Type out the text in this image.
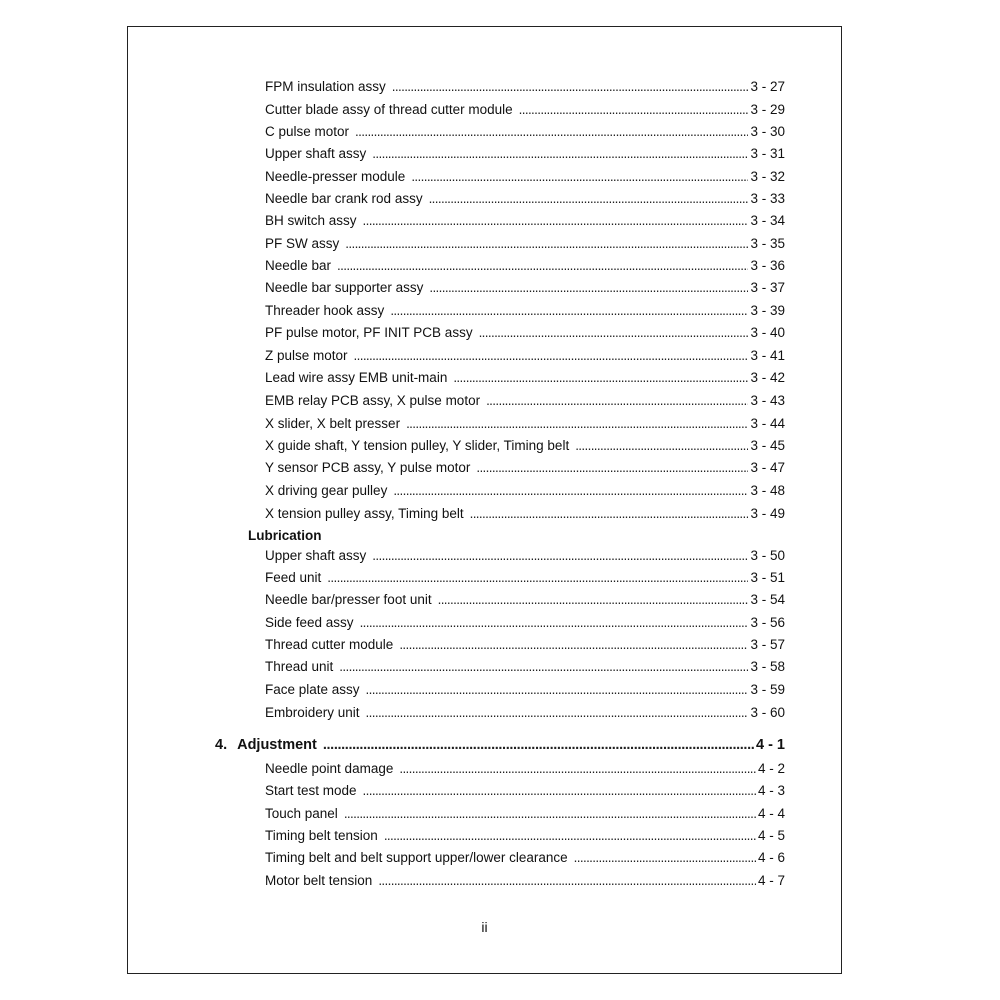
FPM insulation assy . . .	3 - 27
Cutter blade assy of thread cutter module . . .	3 - 29
C pulse motor . . .	3 - 30
Upper shaft assy . . .	3 - 31
Needle-presser module . . .	3 - 32
Needle bar crank rod assy . . .	3 - 33
BH switch assy . . .	3 - 34
PF SW assy . . .	3 - 35
Needle bar . . .	3 - 36
Needle bar supporter assy . . .	3 - 37
Threader hook assy . . .	3 - 39
PF pulse motor, PF INIT PCB assy . . .	3 - 40
Z pulse motor . . .	3 - 41
Lead wire assy EMB unit-main . . .	3 - 42
EMB relay PCB assy, X pulse motor . . .	3 - 43
X slider, X belt presser . . .	3 - 44
X guide shaft, Y tension pulley, Y slider, Timing belt . . .	3 - 45
Y sensor PCB assy, Y pulse motor . . .	3 - 47
X driving gear pulley . . .	3 - 48
X tension pulley assy, Timing belt . . .	3 - 49
Lubrication
Upper shaft assy . . .	3 - 50
Feed unit . . .	3 - 51
Needle bar/presser foot unit . . .	3 - 54
Side feed assy . . .	3 - 56
Thread cutter module . . .	3 - 57
Thread unit . . .	3 - 58
Face plate assy . . .	3 - 59
Embroidery unit . . .	3 - 60
4. Adjustment . . .	4 - 1
Needle point damage . . .	4 - 2
Start test mode . . .	4 - 3
Touch panel . . .	4 - 4
Timing belt tension . . .	4 - 5
Timing belt and belt support upper/lower clearance . . .	4 - 6
Motor belt tension . . .	4 - 7
ii
